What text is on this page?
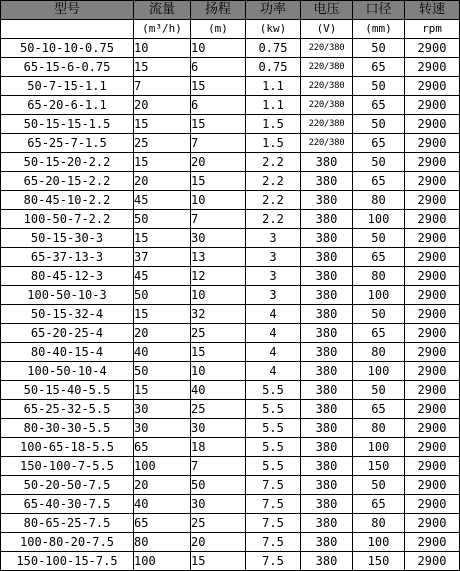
型号	流量	扬程	功率	电压	口径	转速
	(m³/h)	(m)	(kw)	(V)	(mm)	rpm
50-10-10-0.75	10	10	0.75	220/380	50	2900
65-15-6-0.75	15	6	0.75	220/380	65	2900
50-7-15-1.1	7	15	1.1	220/380	50	2900
65-20-6-1.1	20	6	1.1	220/380	65	2900
50-15-15-1.5	15	15	1.5	220/380	50	2900
65-25-7-1.5	25	7	1.5	220/380	65	2900
50-15-20-2.2	15	20	2.2	380	50	2900
65-20-15-2.2	20	15	2.2	380	65	2900
80-45-10-2.2	45	10	2.2	380	80	2900
100-50-7-2.2	50	7	2.2	380	100	2900
50-15-30-3	15	30	3	380	50	2900
65-37-13-3	37	13	3	380	65	2900
80-45-12-3	45	12	3	380	80	2900
100-50-10-3	50	10	3	380	100	2900
50-15-32-4	15	32	4	380	50	2900
65-20-25-4	20	25	4	380	65	2900
80-40-15-4	40	15	4	380	80	2900
100-50-10-4	50	10	4	380	100	2900
50-15-40-5.5	15	40	5.5	380	50	2900
65-25-32-5.5	30	25	5.5	380	65	2900
80-30-30-5.5	30	30	5.5	380	80	2900
100-65-18-5.5	65	18	5.5	380	100	2900
150-100-7-5.5	100	7	5.5	380	150	2900
50-20-50-7.5	20	50	7.5	380	50	2900
65-40-30-7.5	40	30	7.5	380	65	2900
80-65-25-7.5	65	25	7.5	380	80	2900
100-80-20-7.5	80	20	7.5	380	100	2900
150-100-15-7.5	100	15	7.5	380	150	2900
